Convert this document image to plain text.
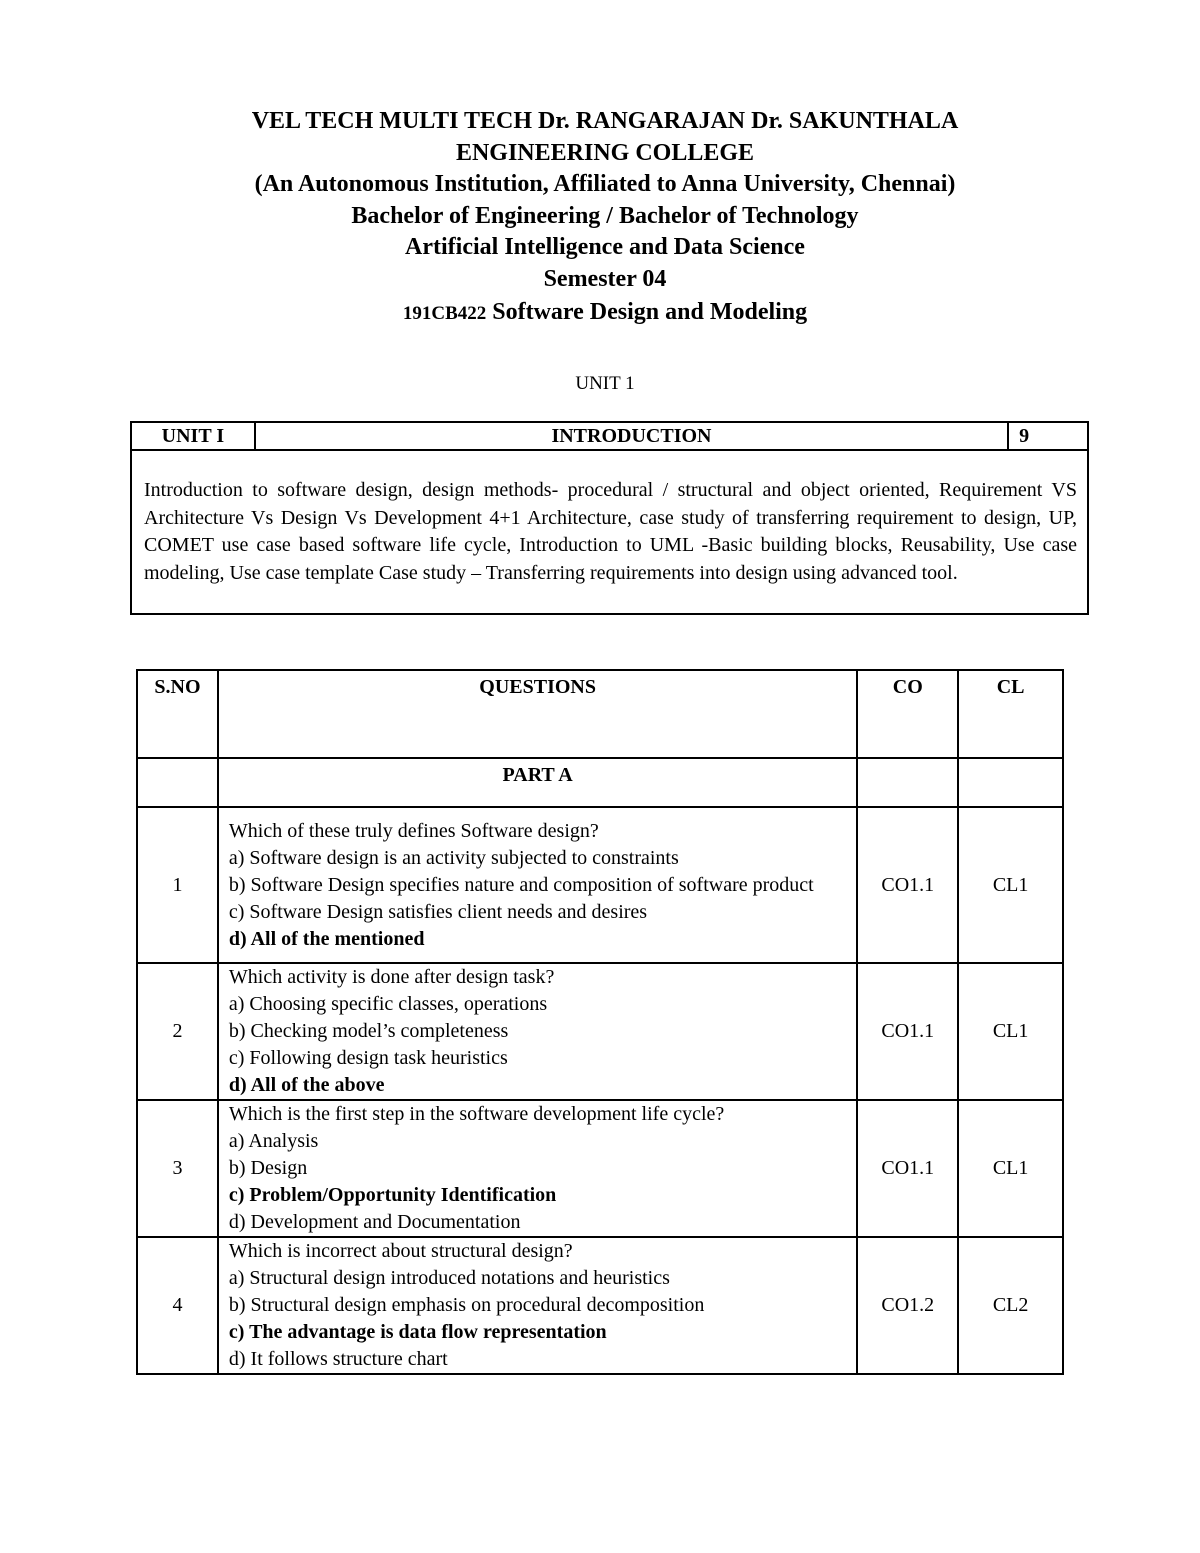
VEL TECH MULTI TECH Dr. RANGARAJAN Dr. SAKUNTHALA
ENGINEERING COLLEGE
(An Autonomous Institution, Affiliated to Anna University, Chennai)
Bachelor of Engineering / Bachelor of Technology
Artificial Intelligence and Data Science
Semester 04
191CB422 Software Design and Modeling
UNIT 1
UNIT I	INTRODUCTION	9
Introduction to software design, design methods- procedural / structural and object oriented, Requirement VS Architecture Vs Design Vs Development 4+1 Architecture, case study of transferring requirement to design, UP, COMET use case based software life cycle, Introduction to UML -Basic building blocks, Reusability, Use case modeling, Use case template Case study – Transferring requirements into design using advanced tool.
S.NO	QUESTIONS	CO	CL
	PART A		
1	Which of these truly defines Software design?
a) Software design is an activity subjected to constraints
b) Software Design specifies nature and composition of software product
c) Software Design satisfies client needs and desires
d) All of the mentioned	CO1.1	CL1
2	Which activity is done after design task?
a) Choosing specific classes, operations
b) Checking model’s completeness
c) Following design task heuristics
d) All of the above	CO1.1	CL1
3	Which is the first step in the software development life cycle?
a) Analysis
b) Design
c) Problem/Opportunity Identification
d) Development and Documentation	CO1.1	CL1
4	Which is incorrect about structural design?
a) Structural design introduced notations and heuristics
b) Structural design emphasis on procedural decomposition
c) The advantage is data flow representation
d) It follows structure chart	CO1.2	CL2
